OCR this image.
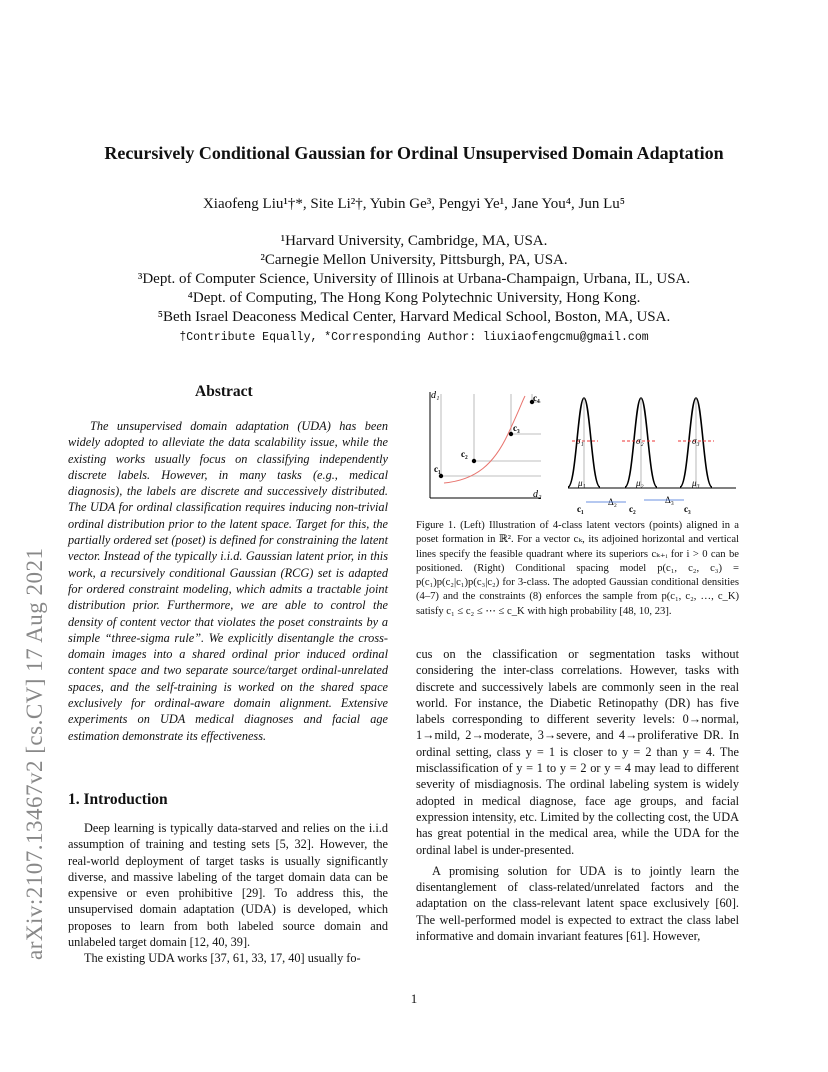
arXiv:2107.13467v2 [cs.CV] 17 Aug 2021
Recursively Conditional Gaussian for Ordinal Unsupervised Domain Adaptation
Xiaofeng Liu¹†*, Site Li²†, Yubin Ge³, Pengyi Ye¹, Jane You⁴, Jun Lu⁵
¹Harvard University, Cambridge, MA, USA.
²Carnegie Mellon University, Pittsburgh, PA, USA.
³Dept. of Computer Science, University of Illinois at Urbana-Champaign, Urbana, IL, USA.
⁴Dept. of Computing, The Hong Kong Polytechnic University, Hong Kong.
⁵Beth Israel Deaconess Medical Center, Harvard Medical School, Boston, MA, USA.
†Contribute Equally, *Corresponding Author: liuxiaofengcmu@gmail.com
Abstract

The unsupervised domain adaptation (UDA) has been widely adopted to alleviate the data scalability issue, while the existing works usually focus on classifying independently discrete labels. However, in many tasks (e.g., medical diagnosis), the labels are discrete and successively distributed. The UDA for ordinal classification requires inducing non-trivial ordinal distribution prior to the latent space. Target for this, the partially ordered set (poset) is defined for constraining the latent vector. Instead of the typically i.i.d. Gaussian latent prior, in this work, a recursively conditional Gaussian (RCG) set is adapted for ordered constraint modeling, which admits a tractable joint distribution prior. Furthermore, we are able to control the density of content vector that violates the poset constraints by a simple “three-sigma rule”. We explicitly disentangle the cross-domain images into a shared ordinal prior induced ordinal content space and two separate source/target ordinal-unrelated spaces, and the self-training is worked on the shared space exclusively for ordinal-aware domain alignment. Extensive experiments on UDA medical diagnoses and facial age estimation demonstrate its effectiveness.

1. Introduction

Deep learning is typically data-starved and relies on the i.i.d assumption of training and testing sets [5, 32]. However, the real-world deployment of target tasks is usually significantly diverse, and massive labeling of the target domain data can be expensive or even prohibitive [29]. To address this, the unsupervised domain adaptation (UDA) is developed, which proposes to learn from both labeled source domain and unlabeled target domain [12, 40, 39].

The existing UDA works [37, 61, 33, 17, 40] usually fo-

d₁
d₂
c₁
c₂
c₃
c₄
σ₁	σ₂	σ₃
μ₁	μ₂	μ₃
Δ₂	Δ₃
c₁	c₂	c₃
Figure 1. (Left) Illustration of 4-class latent vectors (points) aligned in a poset formation in ℝ². For a vector cₖ, its adjoined horizontal and vertical lines specify the feasible quadrant where its superiors cₖ₊ᵢ for i > 0 can be positioned. (Right) Conditional spacing model p(c₁, c₂, c₃) = p(c₁)p(c₂|c₁)p(c₃|c₂) for 3-class. The adopted Gaussian conditional densities (4–7) and the constraints (8) enforces the sample from p(c₁, c₂, …, c_K) satisfy c₁ ≤ c₂ ≤ ⋯ ≤ c_K with high probability [48, 10, 23].

cus on the classification or segmentation tasks without considering the inter-class correlations. However, tasks with discrete and successively labels are commonly seen in the real world. For instance, the Diabetic Retinopathy (DR) has five labels corresponding to different severity levels: 0→normal, 1→mild, 2→moderate, 3→severe, and 4→proliferative DR. In ordinal setting, class y = 1 is closer to y = 2 than y = 4. The misclassification of y = 1 to y = 2 or y = 4 may lead to different severity of misdiagnosis. The ordinal labeling system is widely adopted in medical diagnose, face age groups, and facial expression intensity, etc. Limited by the collecting cost, the UDA has great potential in the medical area, while the UDA for the ordinal label is under-presented.

A promising solution for UDA is to jointly learn the disentanglement of class-related/unrelated factors and the adaptation on the class-relevant latent space exclusively [60]. The well-performed model is expected to extract the class label informative and domain invariant features [61]. However,

1
